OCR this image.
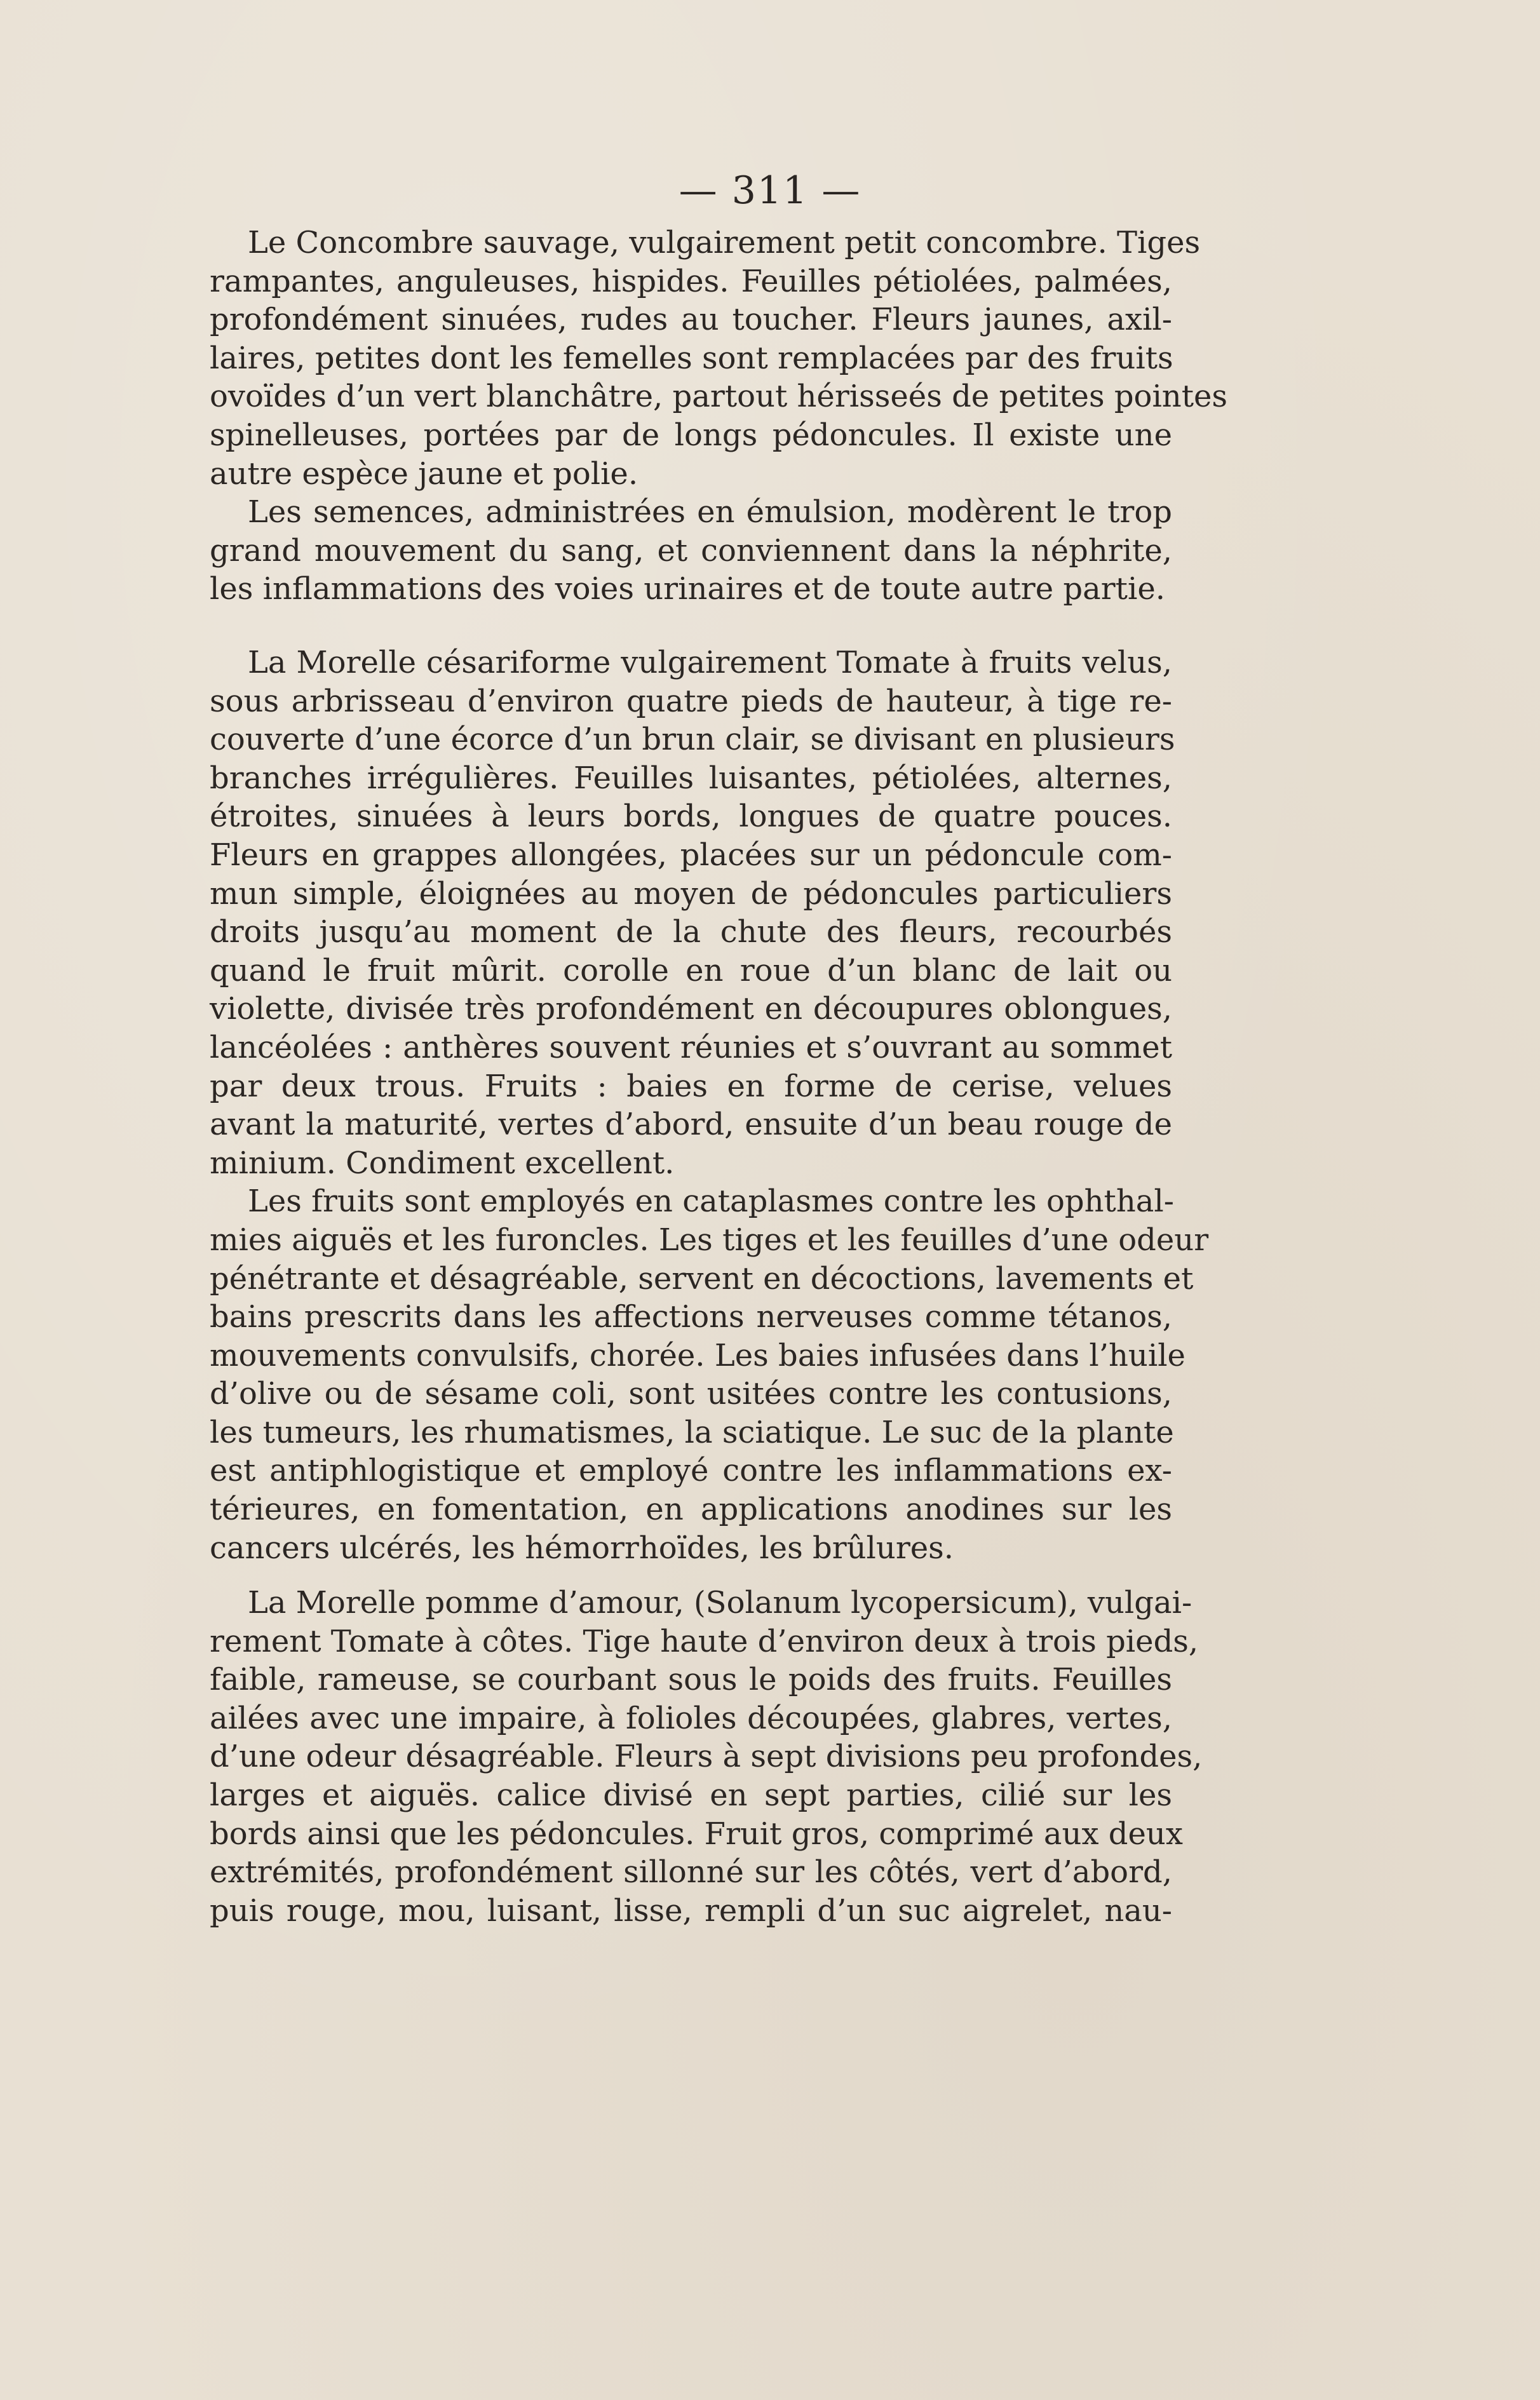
— 311 —
Le Concombre sauvage, vulgairement petit concombre. Tiges
rampantes, anguleuses, hispides. Feuilles pétiolées, palmées,
profondément sinuées, rudes au toucher. Fleurs jaunes, axil-
laires, petites dont les femelles sont remplacées par des fruits
ovoïdes d’un vert blanchâtre, partout hérisseés de petites pointes
spinelleuses, portées par de longs pédoncules. Il existe une
autre espèce jaune et polie.
Les semences, administrées en émulsion, modèrent le trop
grand mouvement du sang, et conviennent dans la néphrite,
les inflammations des voies urinaires et de toute autre partie.
La Morelle césariforme vulgairement Tomate à fruits velus,
sous arbrisseau d’environ quatre pieds de hauteur, à tige re-
couverte d’une écorce d’un brun clair, se divisant en plusieurs
branches irrégulières. Feuilles luisantes, pétiolées, alternes,
étroites, sinuées à leurs bords, longues de quatre pouces.
Fleurs en grappes allongées, placées sur un pédoncule com-
mun simple, éloignées au moyen de pédoncules particuliers
droits jusqu’au moment de la chute des fleurs, recourbés
quand le fruit mûrit. corolle en roue d’un blanc de lait ou
violette, divisée très profondément en découpures oblongues,
lancéolées : anthères souvent réunies et s’ouvrant au sommet
par deux trous. Fruits : baies en forme de cerise, velues
avant la maturité, vertes d’abord, ensuite d’un beau rouge de
minium. Condiment excellent.
Les fruits sont employés en cataplasmes contre les ophthal-
mies aiguës et les furoncles. Les tiges et les feuilles d’une odeur
pénétrante et désagréable, servent en décoctions, lavements et
bains prescrits dans les affections nerveuses comme tétanos,
mouvements convulsifs, chorée. Les baies infusées dans l’huile
d’olive ou de sésame coli, sont usitées contre les contusions,
les tumeurs, les rhumatismes, la sciatique. Le suc de la plante
est antiphlogistique et employé contre les inflammations ex-
térieures, en fomentation, en applications anodines sur les
cancers ulcérés, les hémorrhoïdes, les brûlures.
La Morelle pomme d’amour, (Solanum lycopersicum), vulgai-
rement Tomate à côtes. Tige haute d’environ deux à trois pieds,
faible, rameuse, se courbant sous le poids des fruits. Feuilles
ailées avec une impaire, à folioles découpées, glabres, vertes,
d’une odeur désagréable. Fleurs à sept divisions peu profondes,
larges et aiguës. calice divisé en sept parties, cilié sur les
bords ainsi que les pédoncules. Fruit gros, comprimé aux deux
extrémités, profondément sillonné sur les côtés, vert d’abord,
puis rouge, mou, luisant, lisse, rempli d’un suc aigrelet, nau-
